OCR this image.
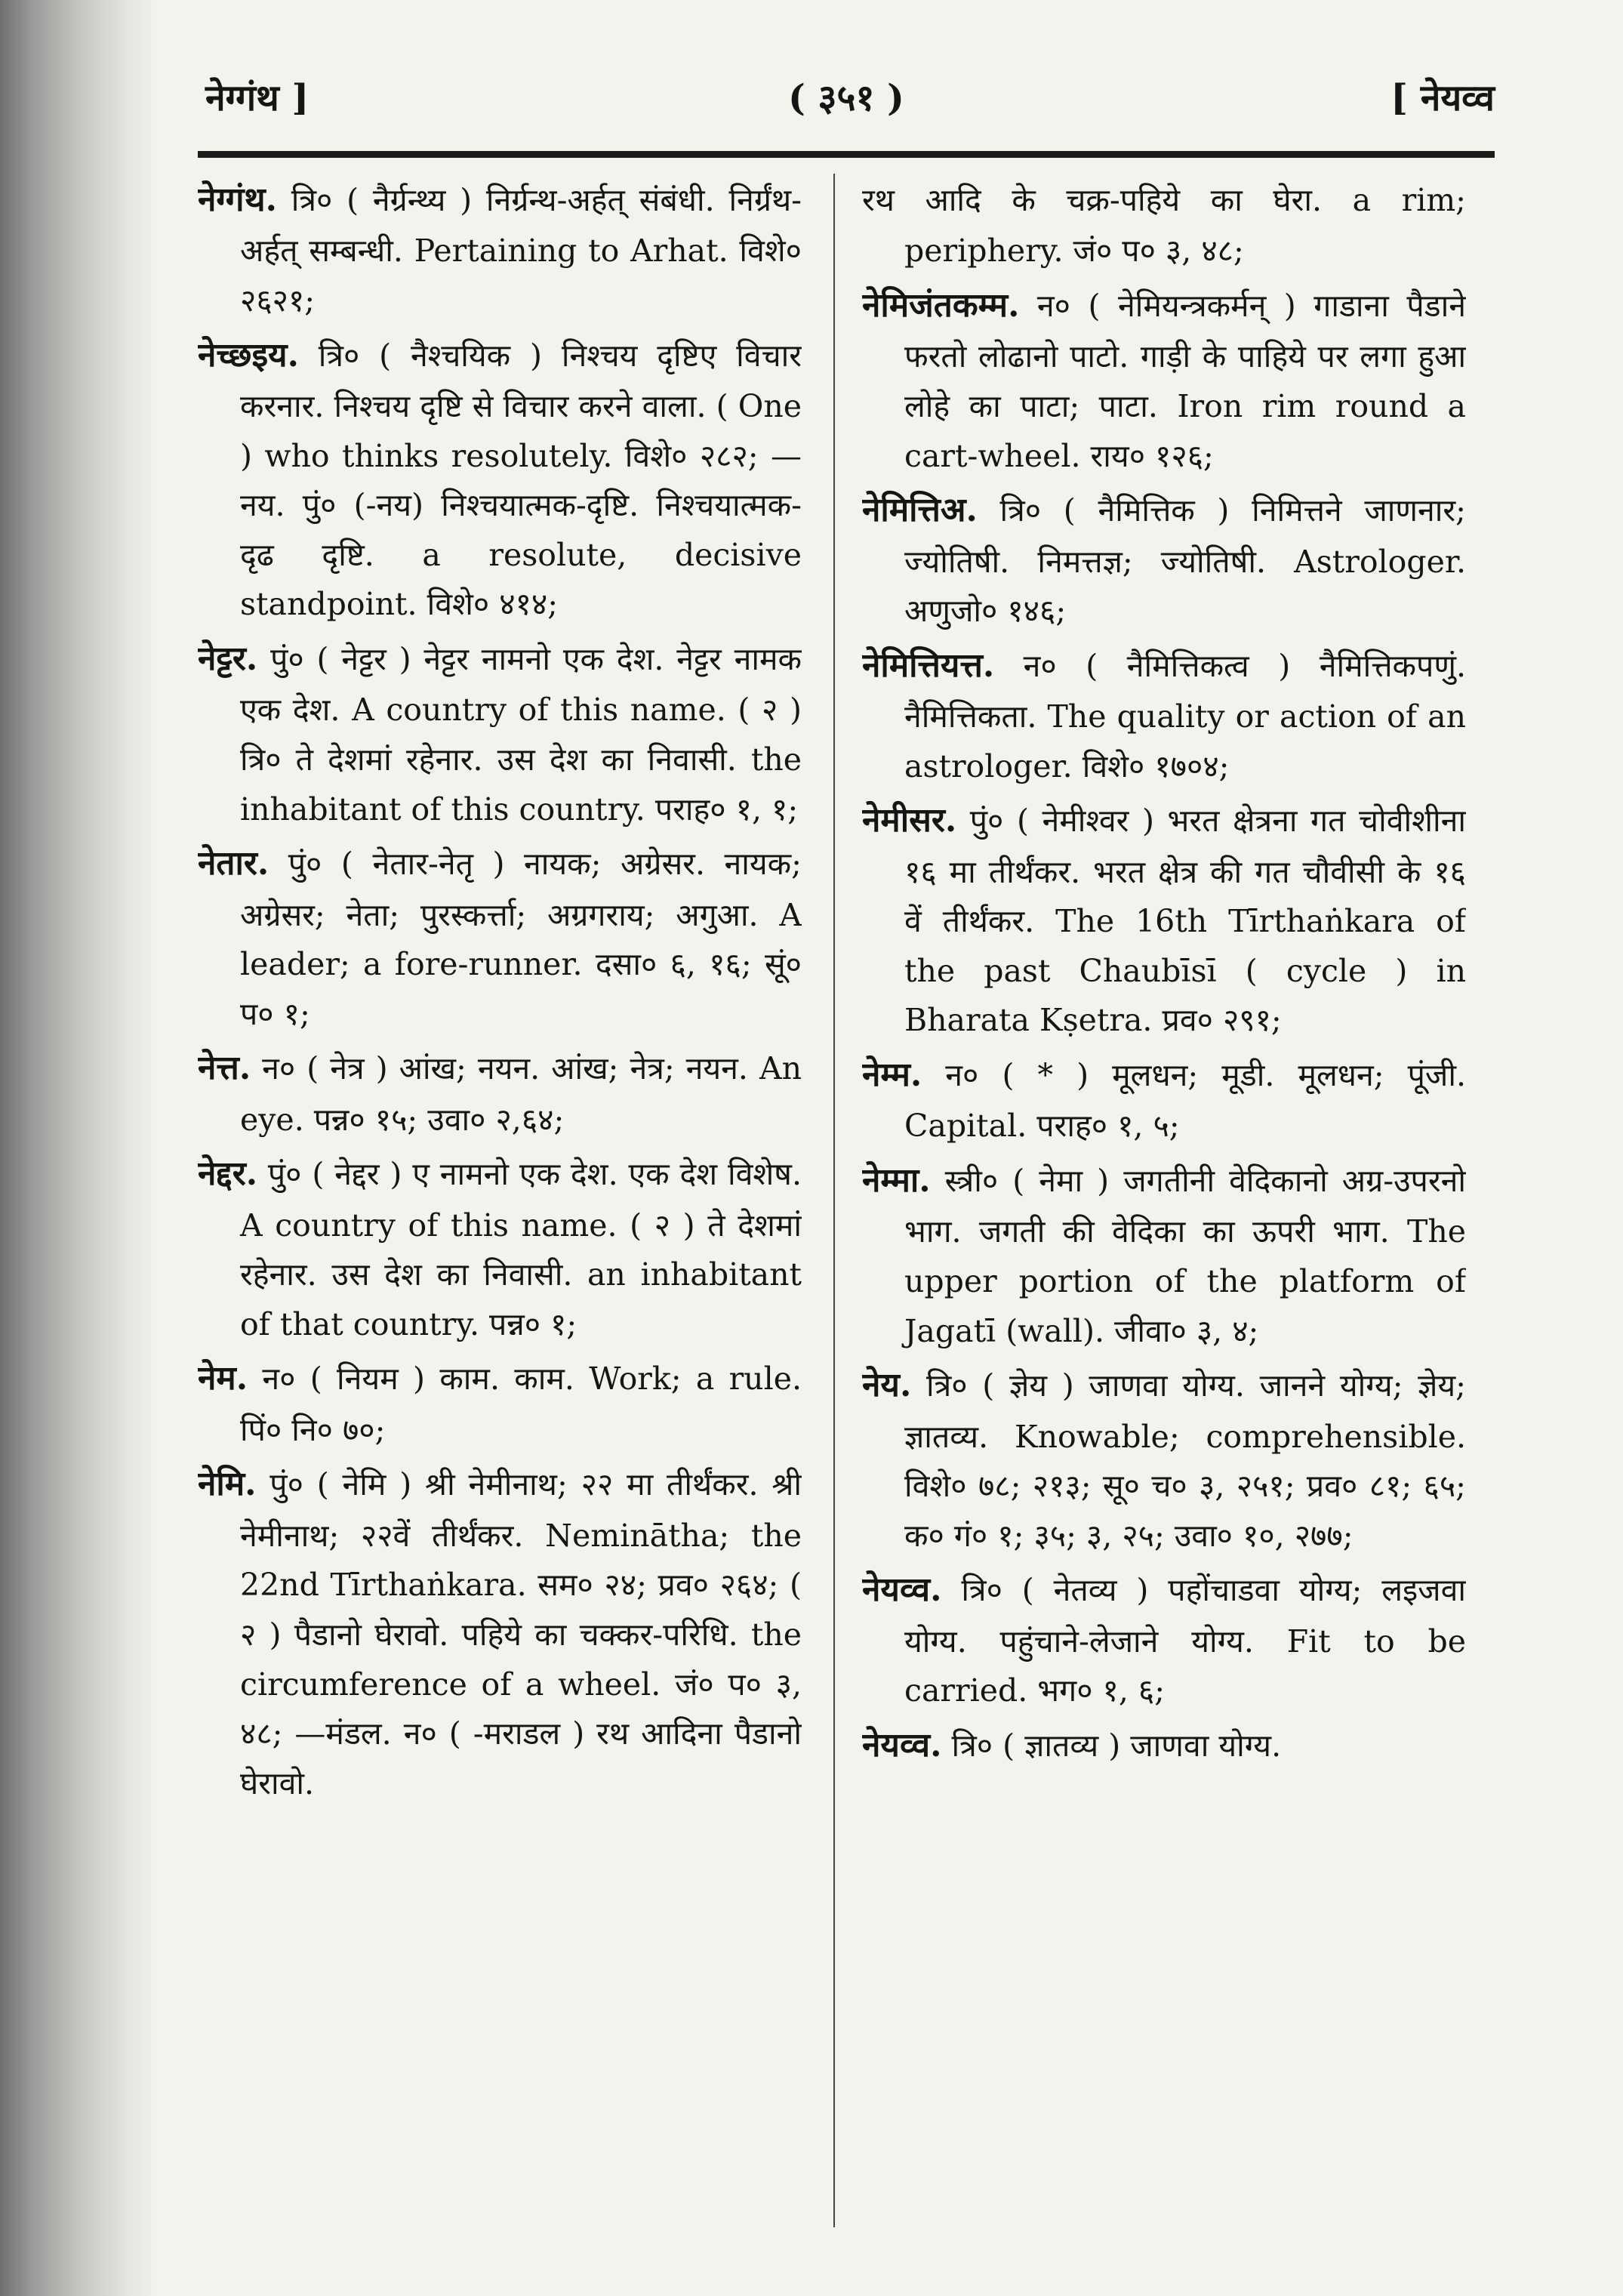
नेग्गंथ ]	( ३५१ )	[ नेयव्व

नेग्गंथ. त्रि० ( नैर्ग्रन्थ्य ) निर्ग्रन्थ-अर्हत् संबंधी. निर्ग्रंथ-अर्हत् सम्बन्धी. Pertaining to Arhat. विशे० २६२१;

नेच्छइय. त्रि० ( नैश्चयिक ) निश्चय दृष्टिए विचार करनार. निश्चय दृष्टि से विचार करने वाला. ( One ) who thinks resolutely. विशे० २८२; —नय. पुं० (-नय) निश्चयात्मक-दृष्टि. निश्चयात्मक-दृढ दृष्टि. a resolute, decisive standpoint. विशे० ४१४;

नेट्टर. पुं० ( नेट्टर ) नेट्टर नामनो एक देश. नेट्टर नामक एक देश. A country of this name. ( २ ) त्रि० ते देशमां रहेनार. उस देश का निवासी. the inhabitant of this country. पराह० १, १;

नेतार. पुं० ( नेतार-नेतृ ) नायक; अग्रेसर. नायक; अग्रेसर; नेता; पुरस्कर्त्ता; अग्रगराय; अगुआ. A leader; a fore-runner. दसा० ६, १६; सूं० प० १;

नेत्त. न० ( नेत्र ) आंख; नयन. आंख; नेत्र; नयन. An eye. पन्न० १५; उवा० २,६४;

नेद्दर. पुं० ( नेद्दर ) ए नामनो एक देश. एक देश विशेष. A country of this name. ( २ ) ते देशमां रहेनार. उस देश का निवासी. an inhabitant of that country. पन्न० १;

नेम. न० ( नियम ) काम. काम. Work; a rule. पिं० नि० ७०;

नेमि. पुं० ( नेमि ) श्री नेमीनाथ; २२ मा तीर्थंकर. श्री नेमीनाथ; २२वें तीर्थंकर. Neminātha; the 22nd Tīrthaṅkara. सम० २४; प्रव० २६४; ( २ ) पैडानो घेरावो. पहिये का चक्कर-परिधि. the circumference of a wheel. जं० प० ३, ४८; —मंडल. न० ( -मराडल ) रथ आदिना पैडानो घेरावो.

रथ आदि के चक्र-पहिये का घेरा. a rim; periphery. जं० प० ३, ४८;

नेमिजंतकम्म. न० ( नेमियन्त्रकर्मन् ) गाडाना पैडाने फरतो लोढानो पाटो. गाड़ी के पाहिये पर लगा हुआ लोहे का पाटा; पाटा. Iron rim round a cart-wheel. राय० १२६;

नेमित्तिअ. त्रि० ( नैमित्तिक ) निमित्तने जाणनार; ज्योतिषी. निमत्तज्ञ; ज्योतिषी. Astrologer. अणुजो० १४६;

नेमित्तियत्त. न० ( नैमित्तिकत्व ) नैमित्तिकपणुं. नैमित्तिकता. The quality or action of an astrologer. विशे० १७०४;

नेमीसर. पुं० ( नेमीश्वर ) भरत क्षेत्रना गत चोवीशीना १६ मा तीर्थंकर. भरत क्षेत्र की गत चौवीसी के १६ वें तीर्थंकर. The 16th Tīrthaṅkara of the past Chaubīsī ( cycle ) in Bharata Kṣetra. प्रव० २९१;

नेम्म. न० ( * ) मूलधन; मूडी. मूलधन; पूंजी. Capital. पराह० १, ५;

नेम्मा. स्त्री० ( नेमा ) जगतीनी वेदिकानो अग्र-उपरनो भाग. जगती की वेदिका का ऊपरी भाग. The upper portion of the platform of Jagatī (wall). जीवा० ३, ४;

नेय. त्रि० ( ज्ञेय ) जाणवा योग्य. जानने योग्य; ज्ञेय; ज्ञातव्य. Knowable; comprehensible. विशे० ७८; २१३; सू० च० ३, २५१; प्रव० ८१; ६५; क० गं० १; ३५; ३, २५; उवा० १०, २७७;

नेयव्व. त्रि० ( नेतव्य ) पहोंचाडवा योग्य; लइजवा योग्य. पहुंचाने-लेजाने योग्य. Fit to be carried. भग० १, ६;

नेयव्व. त्रि० ( ज्ञातव्य ) जाणवा योग्य.
